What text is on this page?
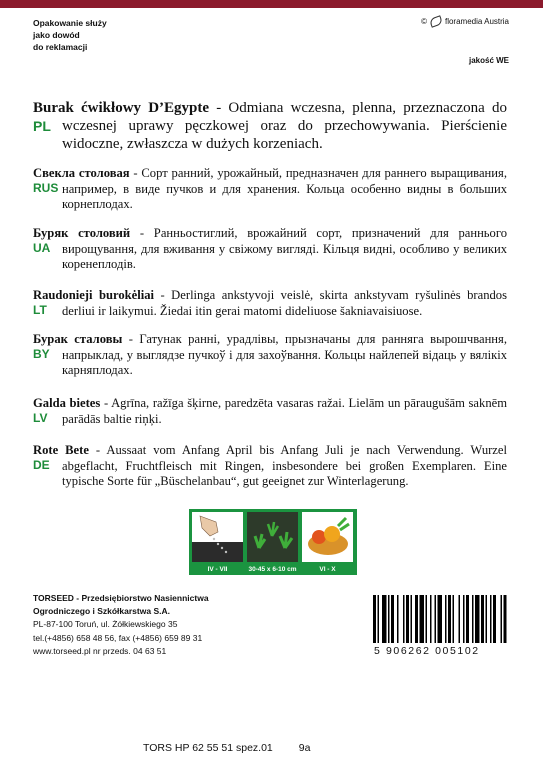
Opakowanie służy
jako dowód
do reklamacji
© floramedia Austria
jakość WE
PL
Burak ćwikłowy D’Egypte - Odmiana wczesna, plenna, przeznaczona do wczesnej uprawy pęczkowej oraz do przechowywania. Pierścienie widoczne, zwłaszcza w dużych korzeniach.
RUS
Свекла столовая - Сорт ранний, урожайный, предназначен для раннего выращивания, например, в виде пучков и для хранения. Кольца особенно видны в больших корнеплодах.
UA
Буряк столовий - Ранньостиглий, врожайний сорт, призначений для раннього вирощування, для вживання у свіжому вигляді. Кільця видні, особливо у великих коренеплодів.
LT
Raudonieji burokėliai - Derlinga ankstyvoji veislė, skirta ankstyvam ryšulinės brandos derliui ir laikymui. Žiedai itin gerai matomi dideliuose šakniavaisiuose.
BY
Бурак сталовы - Гатунак ранні, урадлівы, прызначаны для ранняга вырошчвання, напрыклад, у выглядзе пучкоў і для захоўвання. Кольцы найлепей відаць у вялікіх карняплодах.
LV
Galda bietes - Agrīna, ražīga šķirne, paredzēta vasaras ražai. Lielām un pāraugušām saknēm parādās baltie riņķi.
DE
Rote Bete - Aussaat vom Anfang April bis Anfang Juli je nach Verwendung. Wurzel abgeflacht, Fruchtfleisch mit Ringen, insbesondere bei großen Exemplaren. Eine typische Sorte für „Büschelanbau“, gut geeignet zur Winterlagerung.
IV - VII	30-45 x 6-10 cm	VI - X
TORSEED - Przedsiębiorstwo Nasiennictwa
Ogrodniczego i Szkółkarstwa S.A.
PL-87-100 Toruń, ul. Żółkiewskiego 35
tel.(+4856) 658 48 56, fax (+4856) 659 89 31
www.torseed.pl nr przeds. 04 63 51	5 906262 005102
TORS HP 62 55 51 spez.01 9a
